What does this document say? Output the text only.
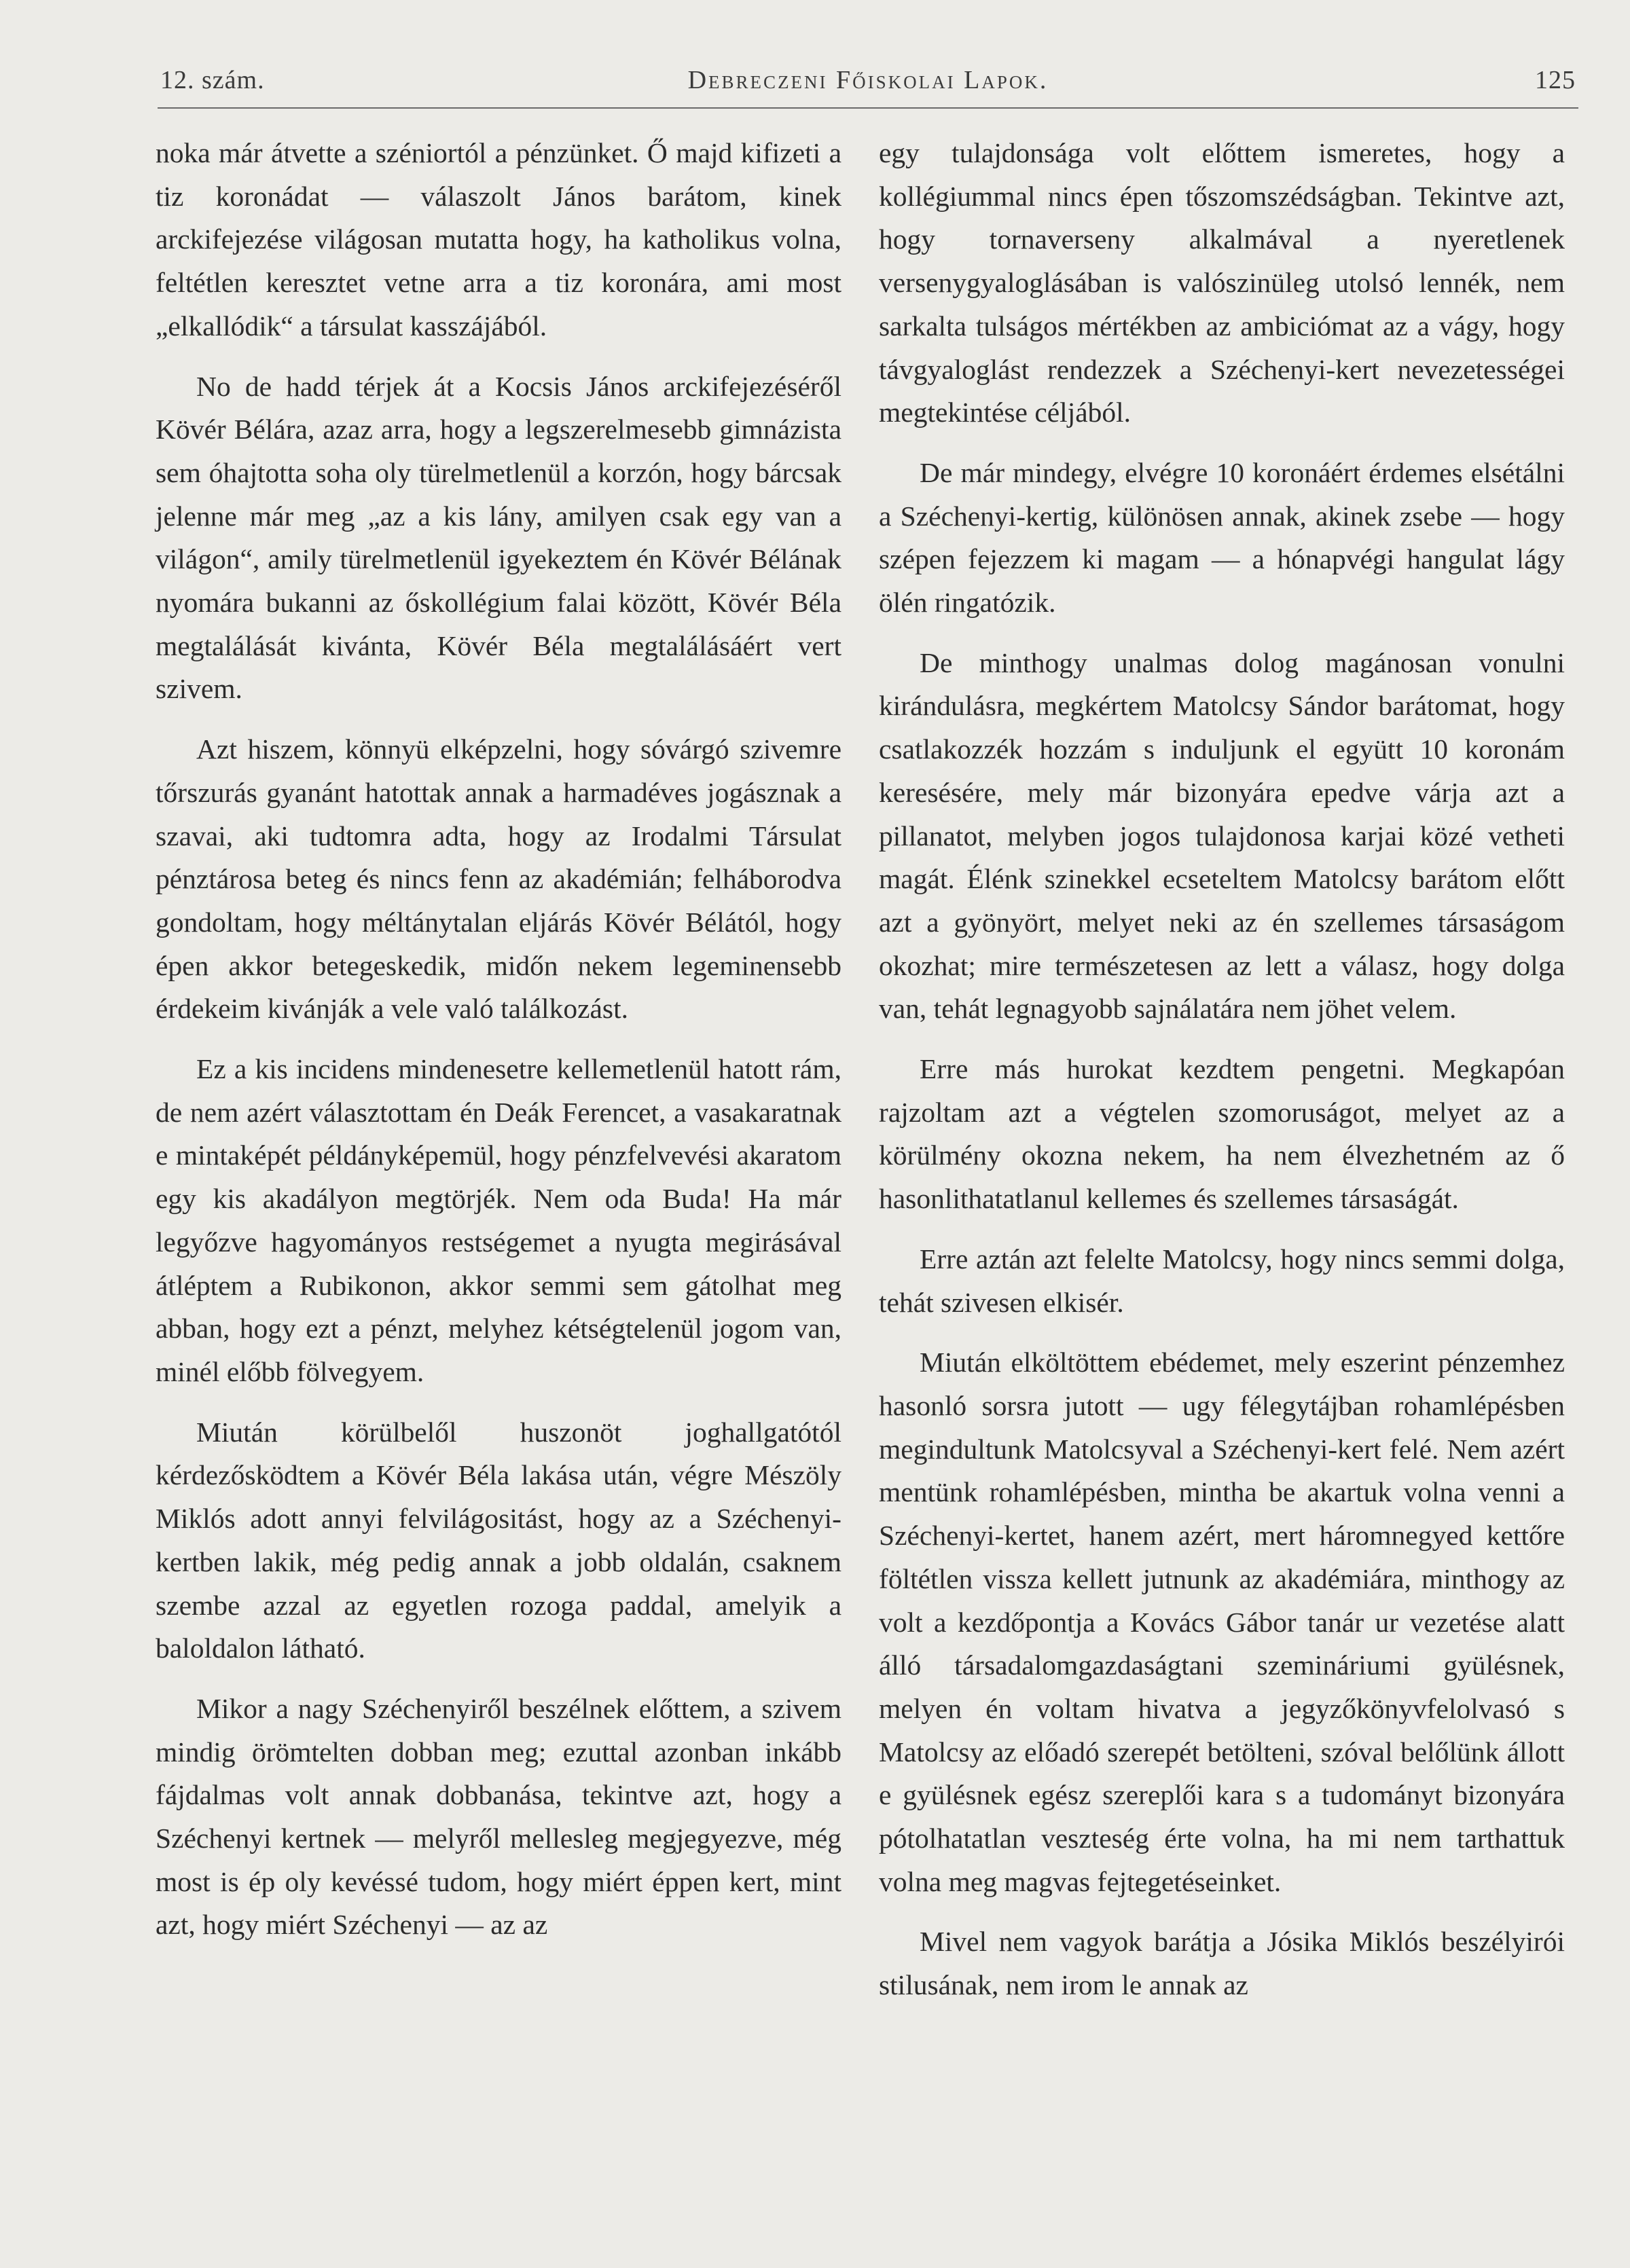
12. szám.	Debreczeni Főiskolai Lapok.	125

noka már átvette a széniortól a pénzünket. Ő majd kifizeti a tiz koronádat — válaszolt János barátom, kinek arckifejezése világosan mutatta hogy, ha katholikus volna, feltétlen keresztet vetne arra a tiz koronára, ami most „elkallódik“ a társulat kasszájából.

No de hadd térjek át a Kocsis János arckifejezéséről Kövér Bélára, azaz arra, hogy a legszerelmesebb gimnázista sem óhajtotta soha oly türelmetlenül a korzón, hogy bárcsak jelenne már meg „az a kis lány, amilyen csak egy van a világon“, amily türelmetlenül igyekeztem én Kövér Bélának nyomára bukanni az őskollégium falai között, Kövér Béla megtalálását kivánta, Kövér Béla megtalálásáért vert szivem.

Azt hiszem, könnyü elképzelni, hogy sóvárgó szivemre tőrszurás gyanánt hatottak annak a harmadéves jogásznak a szavai, aki tudtomra adta, hogy az Irodalmi Társulat pénztárosa beteg és nincs fenn az akadémián; felháborodva gondoltam, hogy méltánytalan eljárás Kövér Bélától, hogy épen akkor betegeskedik, midőn nekem legeminensebb érdekeim kivánják a vele való találkozást.

Ez a kis incidens mindenesetre kellemetlenül hatott rám, de nem azért választottam én Deák Ferencet, a vasakaratnak e mintaképét példányképemül, hogy pénzfelvevési akaratom egy kis akadályon megtörjék. Nem oda Buda! Ha már legyőzve hagyományos restségemet a nyugta megirásával átléptem a Rubikonon, akkor semmi sem gátolhat meg abban, hogy ezt a pénzt, melyhez kétségtelenül jogom van, minél előbb fölvegyem.

Miután körülbelől huszonöt joghallgatótól kérdezősködtem a Kövér Béla lakása után, végre Mészöly Miklós adott annyi felvilágositást, hogy az a Széchenyi-kertben lakik, még pedig annak a jobb oldalán, csaknem szembe azzal az egyetlen rozoga paddal, amelyik a baloldalon látható.

Mikor a nagy Széchenyiről beszélnek előttem, a szivem mindig örömtelten dobban meg; ezuttal azonban inkább fájdalmas volt annak dobbanása, tekintve azt, hogy a Széchenyi kertnek — melyről mellesleg megjegyezve, még most is ép oly kevéssé tudom, hogy miért éppen kert, mint azt, hogy miért Széchenyi — az az

egy tulajdonsága volt előttem ismeretes, hogy a kollégiummal nincs épen tőszomszédságban. Tekintve azt, hogy tornaverseny alkalmával a nyeretlenek versenygyaloglásában is valószinüleg utolsó lennék, nem sarkalta tulságos mértékben az ambiciómat az a vágy, hogy távgyaloglást rendezzek a Széchenyi-kert nevezetességei megtekintése céljából.

De már mindegy, elvégre 10 koronáért érdemes elsétálni a Széchenyi-kertig, különösen annak, akinek zsebe — hogy szépen fejezzem ki magam — a hónapvégi hangulat lágy ölén ringatózik.

De minthogy unalmas dolog magánosan vonulni kirándulásra, megkértem Matolcsy Sándor barátomat, hogy csatlakozzék hozzám s induljunk el együtt 10 koronám keresésére, mely már bizonyára epedve várja azt a pillanatot, melyben jogos tulajdonosa karjai közé vetheti magát. Élénk szinekkel ecseteltem Matolcsy barátom előtt azt a gyönyört, melyet neki az én szellemes társaságom okozhat; mire természetesen az lett a válasz, hogy dolga van, tehát legnagyobb sajnálatára nem jöhet velem.

Erre más hurokat kezdtem pengetni. Megkapóan rajzoltam azt a végtelen szomoruságot, melyet az a körülmény okozna nekem, ha nem élvezhetném az ő hasonlithatatlanul kellemes és szellemes társaságát.

Erre aztán azt felelte Matolcsy, hogy nincs semmi dolga, tehát szivesen elkisér.

Miután elköltöttem ebédemet, mely eszerint pénzemhez hasonló sorsra jutott — ugy félegytájban rohamlépésben megindultunk Matolcsyval a Széchenyi-kert felé. Nem azért mentünk rohamlépésben, mintha be akartuk volna venni a Széchenyi-kertet, hanem azért, mert háromnegyed kettőre föltétlen vissza kellett jutnunk az akadémiára, minthogy az volt a kezdőpontja a Kovács Gábor tanár ur vezetése alatt álló társadalomgazdaságtani szemináriumi gyülésnek, melyen én voltam hivatva a jegyzőkönyvfelolvasó s Matolcsy az előadó szerepét betölteni, szóval belőlünk állott e gyülésnek egész szereplői kara s a tudományt bizonyára pótolhatatlan veszteség érte volna, ha mi nem tarthattuk volna meg magvas fejtegetéseinket.

Mivel nem vagyok barátja a Jósika Miklós beszélyirói stilusának, nem irom le annak az
